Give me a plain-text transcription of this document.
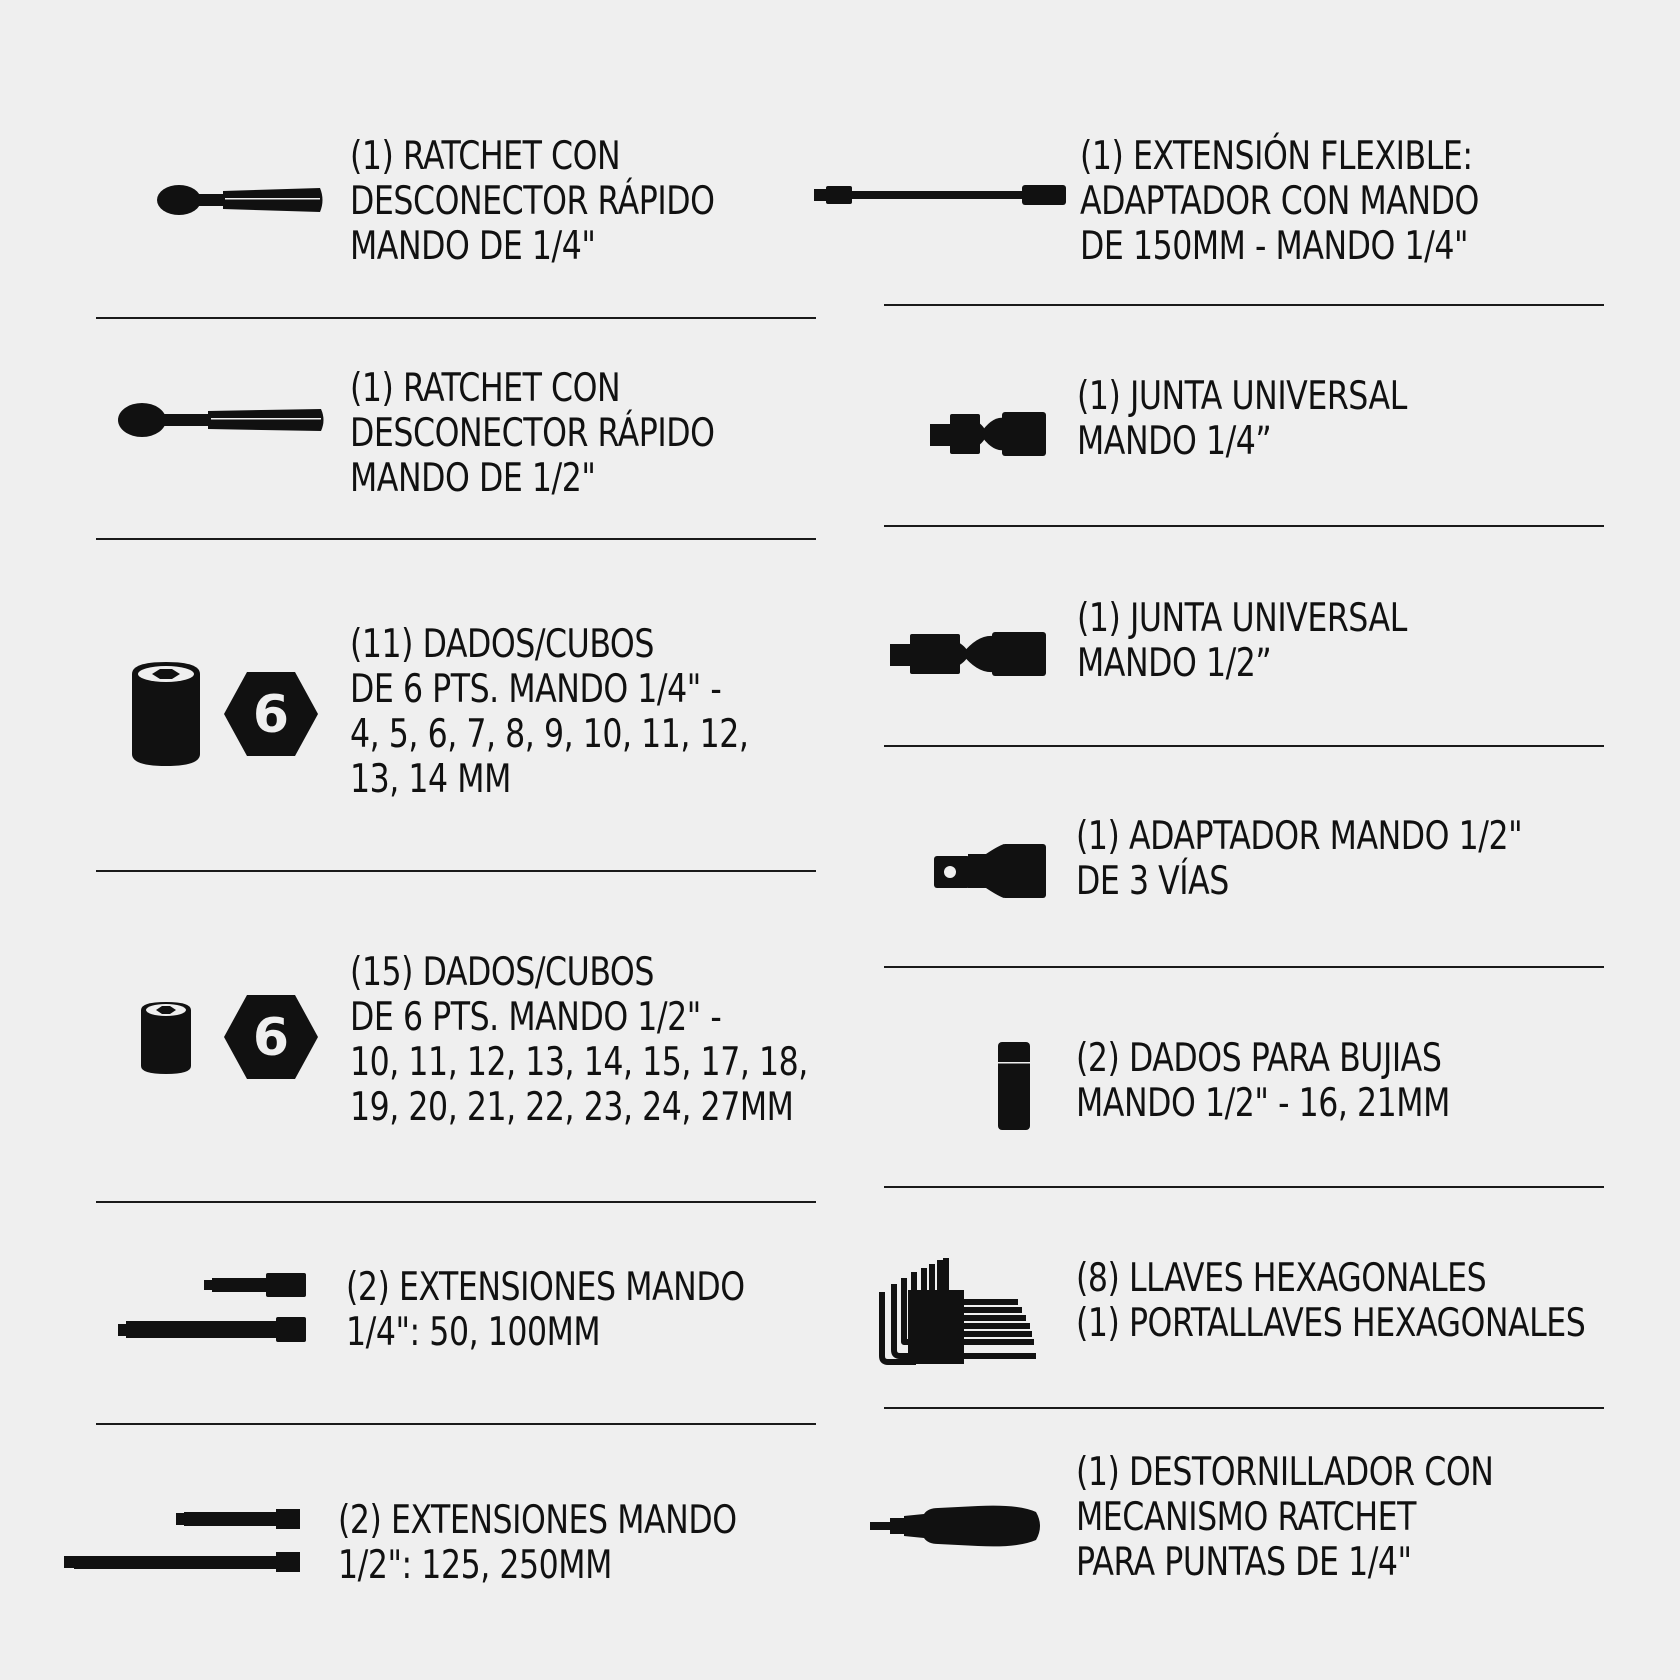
(1) RATCHET CON
DESCONECTOR RÁPIDO
MANDO DE 1/4"
(1) RATCHET CON
DESCONECTOR RÁPIDO
MANDO DE 1/2"
6
(11) DADOS/CUBOS
DE 6 PTS. MANDO 1/4" -
4, 5, 6, 7, 8, 9, 10, 11, 12,
13, 14 MM
6
(15) DADOS/CUBOS
DE 6 PTS. MANDO 1/2" -
10, 11, 12, 13, 14, 15, 17, 18,
19, 20, 21, 22, 23, 24, 27MM
(2) EXTENSIONES MANDO
1/4": 50, 100MM
(2) EXTENSIONES MANDO
1/2": 125, 250MM
(1) EXTENSIÓN FLEXIBLE:
ADAPTADOR CON MANDO
DE 150MM - MANDO 1/4"
(1) JUNTA UNIVERSAL
MANDO 1/4”
(1) JUNTA UNIVERSAL
MANDO 1/2”
(1) ADAPTADOR MANDO 1/2"
DE 3 VÍAS
(2) DADOS PARA BUJIAS
MANDO 1/2" - 16, 21MM
(8) LLAVES HEXAGONALES
(1) PORTALLAVES HEXAGONALES
(1) DESTORNILLADOR CON
MECANISMO RATCHET
PARA PUNTAS DE 1/4"
